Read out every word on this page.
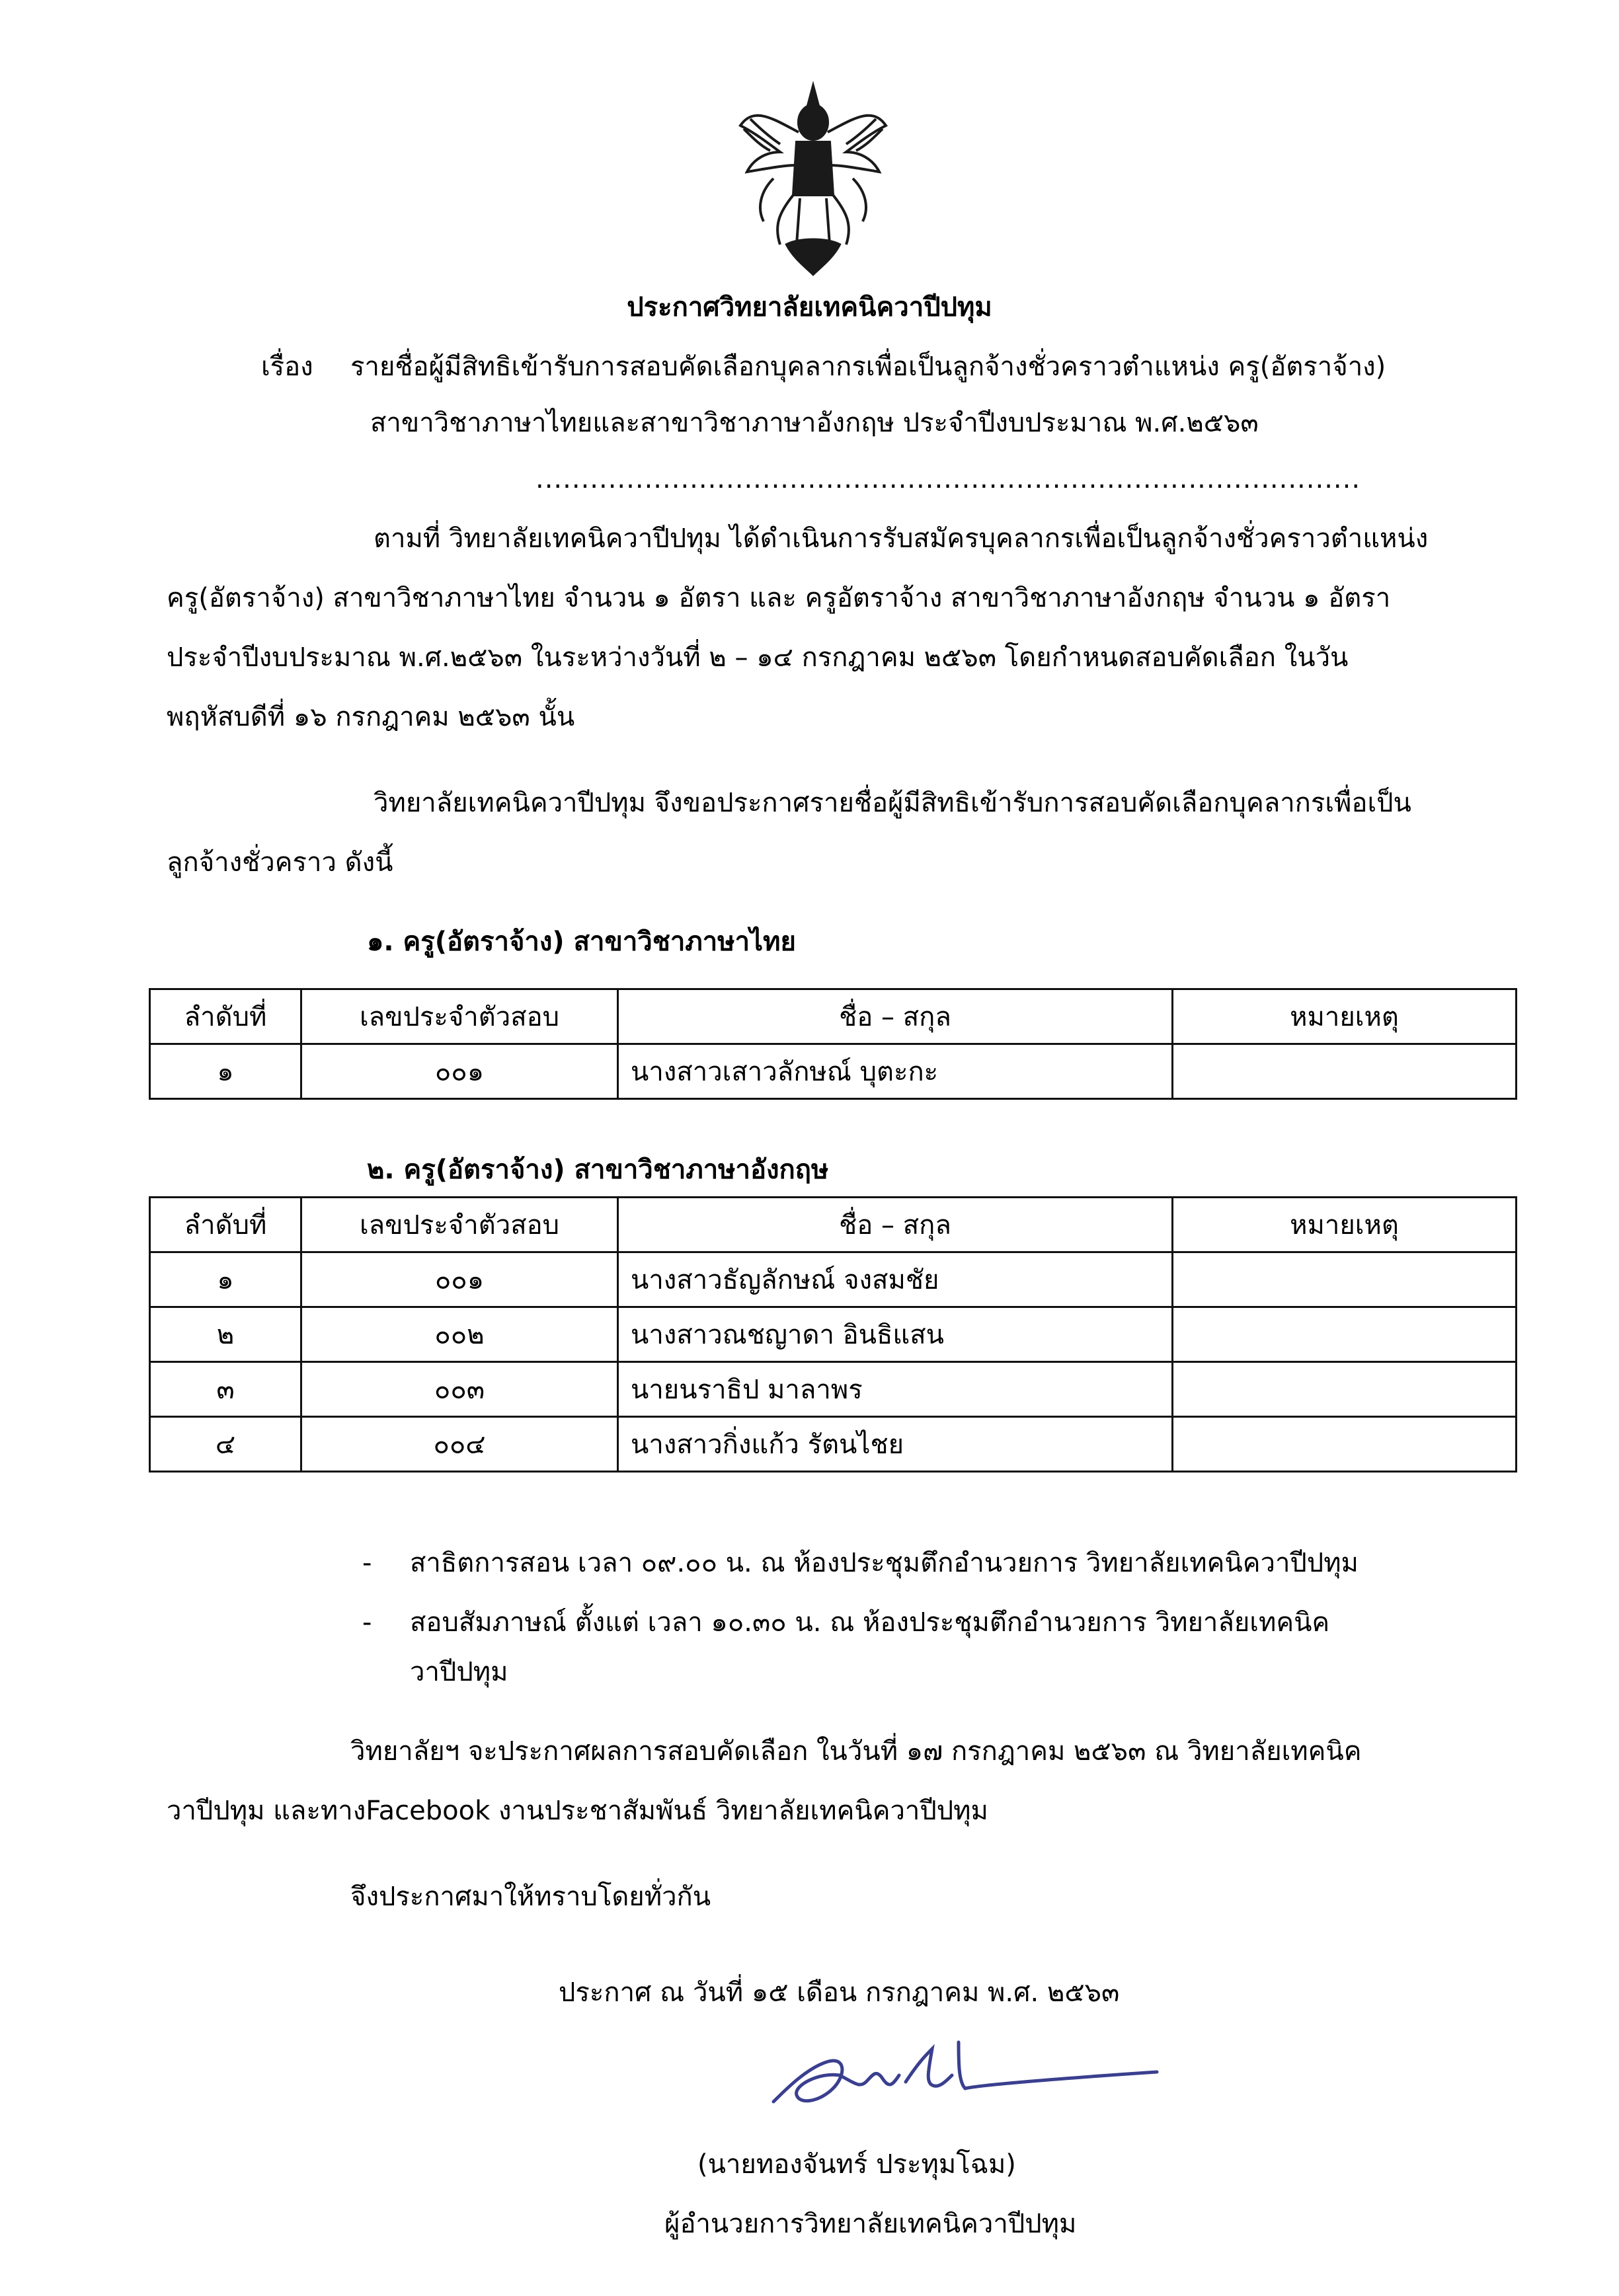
ประกาศวิทยาลัยเทคนิควาปีปทุม
เรื่อง รายชื่อผู้มีสิทธิเข้ารับการสอบคัดเลือกบุคลากรเพื่อเป็นลูกจ้างชั่วคราวตำแหน่ง ครู(อัตราจ้าง)
สาขาวิชาภาษาไทยและสาขาวิชาภาษาอังกฤษ ประจำปีงบประมาณ พ.ศ.๒๕๖๓
...........................................................................................
ตามที่ วิทยาลัยเทคนิควาปีปทุม ได้ดำเนินการรับสมัครบุคลากรเพื่อเป็นลูกจ้างชั่วคราวตำแหน่ง
ครู(อัตราจ้าง) สาขาวิชาภาษาไทย จำนวน ๑ อัตรา และ ครูอัตราจ้าง สาขาวิชาภาษาอังกฤษ จำนวน ๑ อัตรา
ประจำปีงบประมาณ พ.ศ.๒๕๖๓ ในระหว่างวันที่ ๒ – ๑๔ กรกฎาคม ๒๕๖๓ โดยกำหนดสอบคัดเลือก ในวัน
พฤหัสบดีที่ ๑๖ กรกฎาคม ๒๕๖๓ นั้น
วิทยาลัยเทคนิควาปีปทุม จึงขอประกาศรายชื่อผู้มีสิทธิเข้ารับการสอบคัดเลือกบุคลากรเพื่อเป็น
ลูกจ้างชั่วคราว ดังนี้
๑. ครู(อัตราจ้าง) สาขาวิชาภาษาไทย
ลำดับที่	เลขประจำตัวสอบ	ชื่อ – สกุล	หมายเหตุ
๑	๐๐๑	นางสาวเสาวลักษณ์ บุตะกะ	
๒. ครู(อัตราจ้าง) สาขาวิชาภาษาอังกฤษ
ลำดับที่	เลขประจำตัวสอบ	ชื่อ – สกุล	หมายเหตุ
๑	๐๐๑	นางสาวธัญลักษณ์ จงสมชัย	
๒	๐๐๒	นางสาวณชญาดา อินธิแสน	
๓	๐๐๓	นายนราธิป มาลาพร	
๔	๐๐๔	นางสาวกิ่งแก้ว รัตนไชย	
- สาธิตการสอน เวลา ๐๙.๐๐ น. ณ ห้องประชุมตึกอำนวยการ วิทยาลัยเทคนิควาปีปทุม
- สอบสัมภาษณ์ ตั้งแต่ เวลา ๑๐.๓๐ น. ณ ห้องประชุมตึกอำนวยการ วิทยาลัยเทคนิค
วาปีปทุม
วิทยาลัยฯ จะประกาศผลการสอบคัดเลือก ในวันที่ ๑๗ กรกฎาคม ๒๕๖๓ ณ วิทยาลัยเทคนิค
วาปีปทุม และทางFacebook งานประชาสัมพันธ์ วิทยาลัยเทคนิควาปีปทุม
จึงประกาศมาให้ทราบโดยทั่วกัน
ประกาศ ณ วันที่ ๑๕ เดือน กรกฎาคม พ.ศ. ๒๕๖๓
(นายทองจันทร์ ประทุมโฉม)
ผู้อำนวยการวิทยาลัยเทคนิควาปีปทุม
